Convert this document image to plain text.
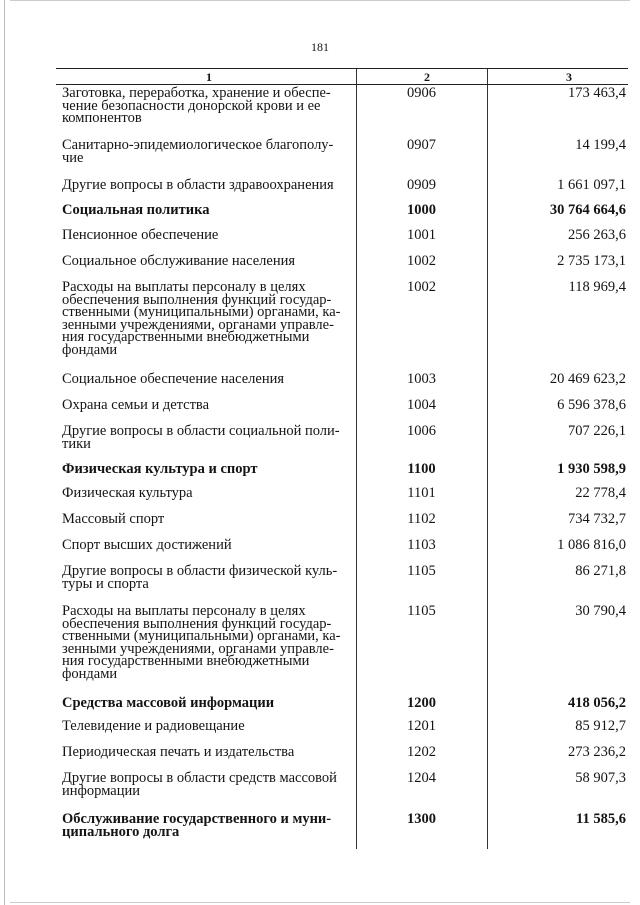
181
1	2	3
Заготовка, переработка, хранение и обеспе-
чение безопасности донорской крови и ее
компонентов
0906	173 463,4
Санитарно-эпидемиологическое благополу-
чие
0907	14 199,4
Другие вопросы в области здравоохранения	0909	1 661 097,1
Социальная политика	1000	30 764 664,6
Пенсионное обеспечение	1001	256 263,6
Социальное обслуживание населения	1002	2 735 173,1
Расходы на выплаты персоналу в целях
обеспечения выполнения функций государ-
ственными (муниципальными) органами, ка-
зенными учреждениями, органами управле-
ния государственными внебюджетными
фондами
1002	118 969,4
Социальное обеспечение населения	1003	20 469 623,2
Охрана семьи и детства	1004	6 596 378,6
Другие вопросы в области социальной поли-
тики
1006	707 226,1
Физическая культура и спорт	1100	1 930 598,9
Физическая культура	1101	22 778,4
Массовый спорт	1102	734 732,7
Спорт высших достижений	1103	1 086 816,0
Другие вопросы в области физической куль-
туры и спорта
1105	86 271,8
Расходы на выплаты персоналу в целях
обеспечения выполнения функций государ-
ственными (муниципальными) органами, ка-
зенными учреждениями, органами управле-
ния государственными внебюджетными
фондами
1105	30 790,4
Средства массовой информации	1200	418 056,2
Телевидение и радиовещание	1201	85 912,7
Периодическая печать и издательства	1202	273 236,2
Другие вопросы в области средств массовой
информации
1204	58 907,3
Обслуживание государственного и муни-
ципального долга
1300	11 585,6
